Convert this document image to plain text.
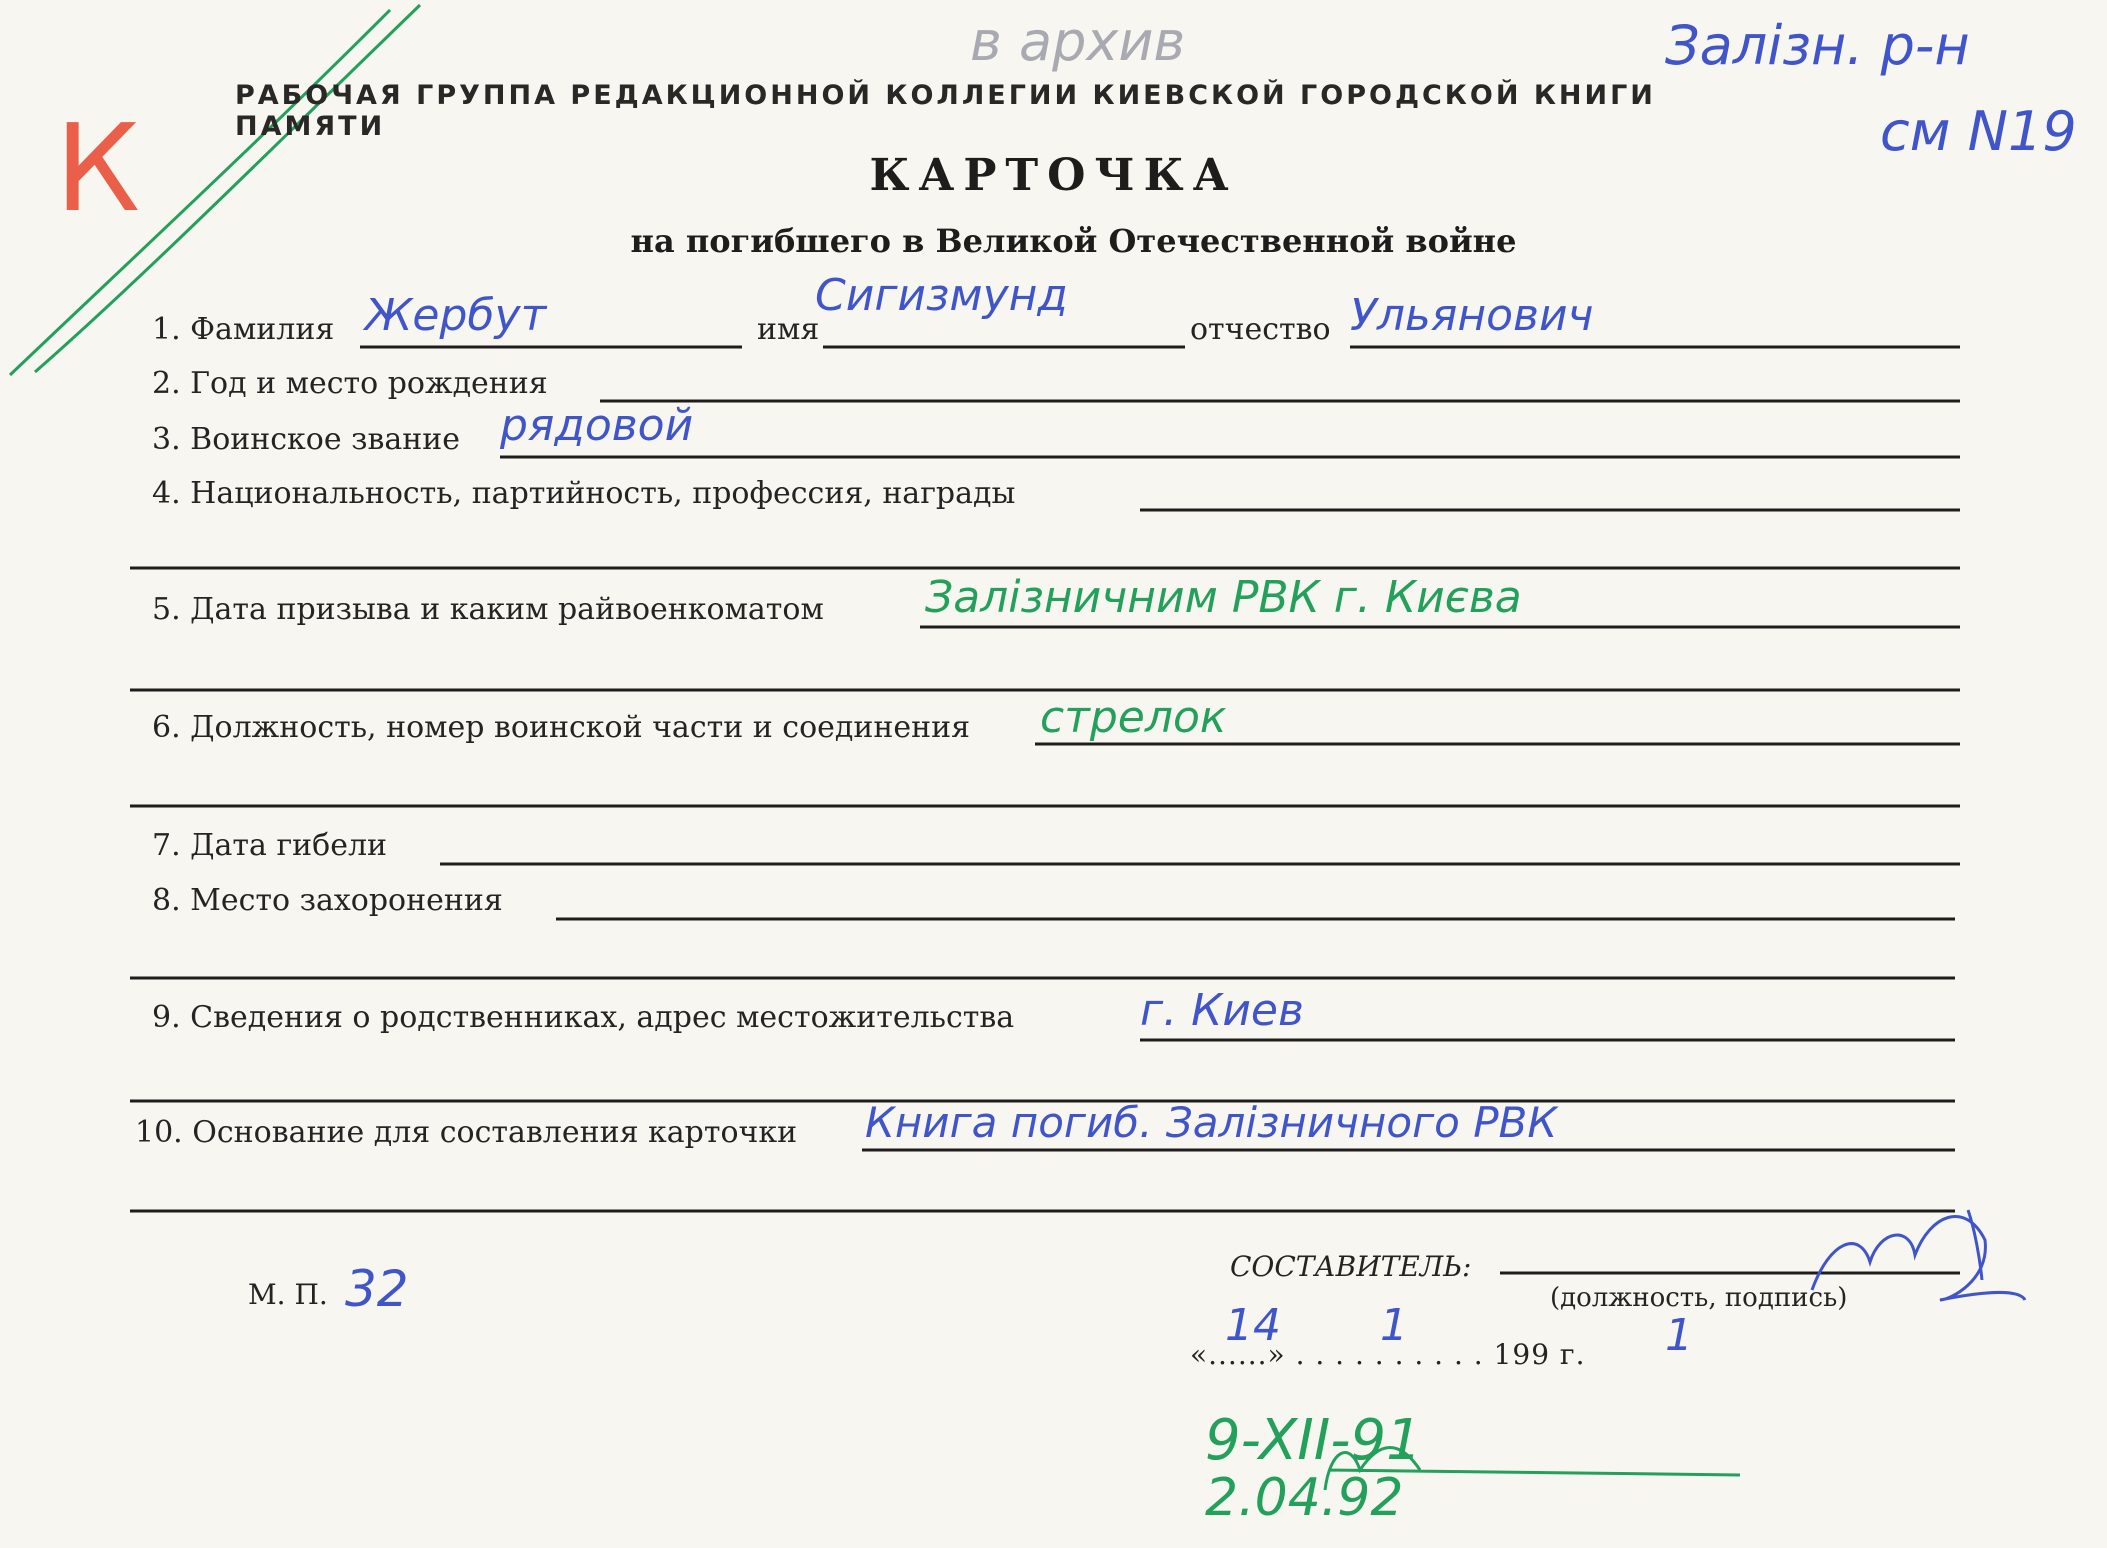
РАБОЧАЯ ГРУППА РЕДАКЦИОННОЙ КОЛЛЕГИИ КИЕВСКОЙ ГОРОДСКОЙ КНИГИ ПАМЯТИ
КАРТОЧКА
на погибшего в Великой Отечественной войне
1. Фамилия Жербут	имя
Сигизмунд
отчество Ульянович
2. Год и место рождения
3. Воинское звание рядовой
4. Национальность, партийность, профессия, награды
5. Дата призыва и каким райвоенкоматом Залізничним РВК г. Києва
6. Должность, номер воинской части и соединения стрелок
7. Дата гибели
8. Место захоронения
9. Сведения о родственниках, адрес местожительства	г. Киев
10. Основание для составления карточки Книга погиб. Залізничного РВК
М. П. 32	СОСТАВИТЕЛЬ:
(должность, подпись)
«......» . . . . . . . . . . 199 г.
14 1	1
в архив	Залізн. р-н
см N19
К
9-XII-91
2.04.92
